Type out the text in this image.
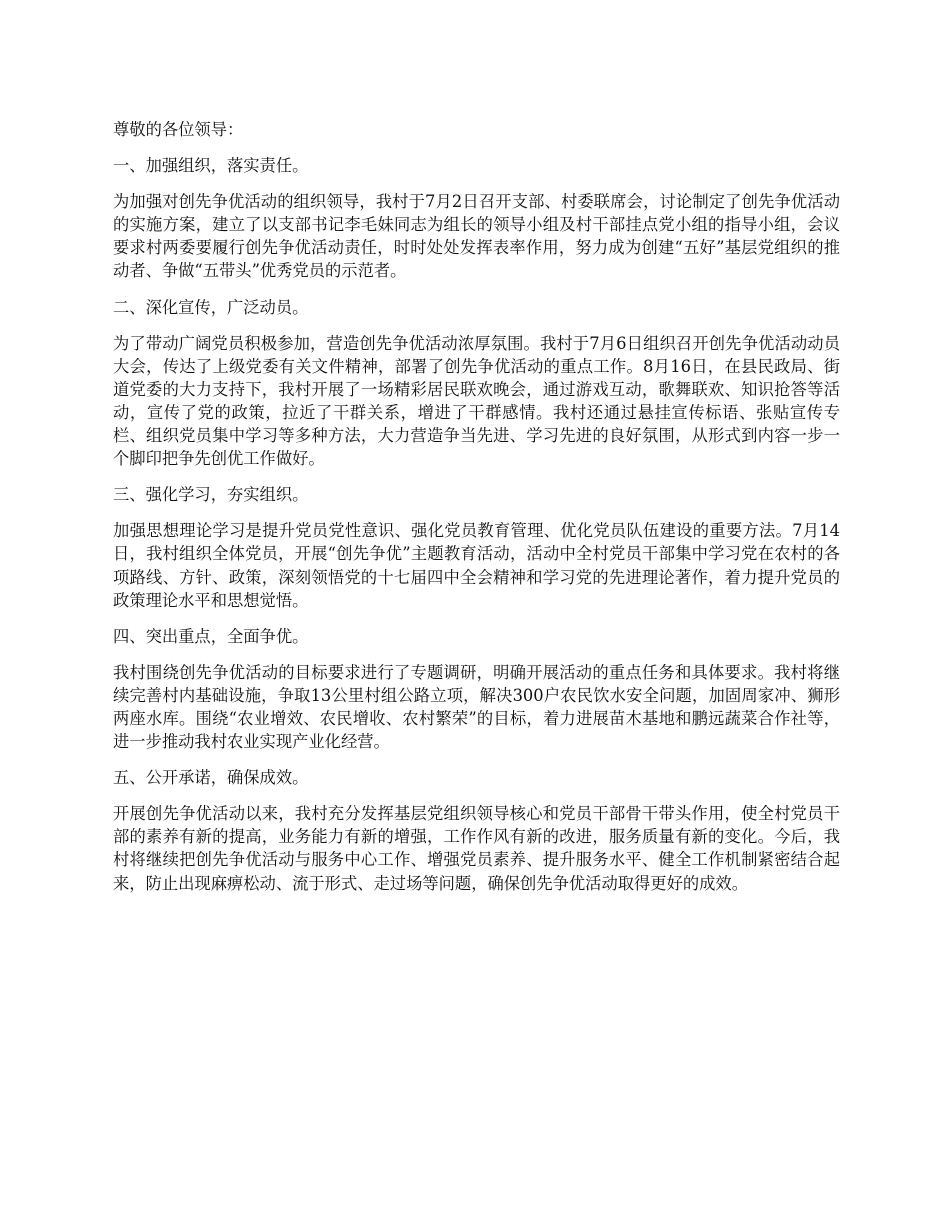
尊敬的各位领导：

一、加强组织，落实责任。

为加强对创先争优活动的组织领导，我村于7月2日召开支部、村委联席会，讨论制定了创先争优活动的实施方案，建立了以支部书记李毛妹同志为组长的领导小组及村干部挂点党小组的指导小组，会议要求村两委要履行创先争优活动责任，时时处处发挥表率作用，努力成为创建“五好”基层党组织的推动者、争做“五带头”优秀党员的示范者。

二、深化宣传，广泛动员。

为了带动广阔党员积极参加，营造创先争优活动浓厚氛围。我村于7月6日组织召开创先争优活动动员大会，传达了上级党委有关文件精神，部署了创先争优活动的重点工作。8月16日，在县民政局、街道党委的大力支持下，我村开展了一场精彩居民联欢晚会，通过游戏互动，歌舞联欢、知识抢答等活动，宣传了党的政策，拉近了干群关系，增进了干群感情。我村还通过悬挂宣传标语、张贴宣传专栏、组织党员集中学习等多种方法，大力营造争当先进、学习先进的良好氛围，从形式到内容一步一个脚印把争先创优工作做好。

三、强化学习，夯实组织。

加强思想理论学习是提升党员党性意识、强化党员教育管理、优化党员队伍建设的重要方法。7月14日，我村组织全体党员，开展“创先争优”主题教育活动，活动中全村党员干部集中学习党在农村的各项路线、方针、政策，深刻领悟党的十七届四中全会精神和学习党的先进理论著作，着力提升党员的政策理论水平和思想觉悟。

四、突出重点，全面争优。

我村围绕创先争优活动的目标要求进行了专题调研，明确开展活动的重点任务和具体要求。我村将继续完善村内基础设施，争取13公里村组公路立项，解决300户农民饮水安全问题，加固周家冲、狮形两座水库。围绕“农业增效、农民增收、农村繁荣”的目标，着力进展苗木基地和鹏远蔬菜合作社等，进一步推动我村农业实现产业化经营。

五、公开承诺，确保成效。

开展创先争优活动以来，我村充分发挥基层党组织领导核心和党员干部骨干带头作用，使全村党员干部的素养有新的提高，业务能力有新的增强，工作作风有新的改进，服务质量有新的变化。今后，我村将继续把创先争优活动与服务中心工作、增强党员素养、提升服务水平、健全工作机制紧密结合起来，防止出现麻痹松动、流于形式、走过场等问题，确保创先争优活动取得更好的成效。
